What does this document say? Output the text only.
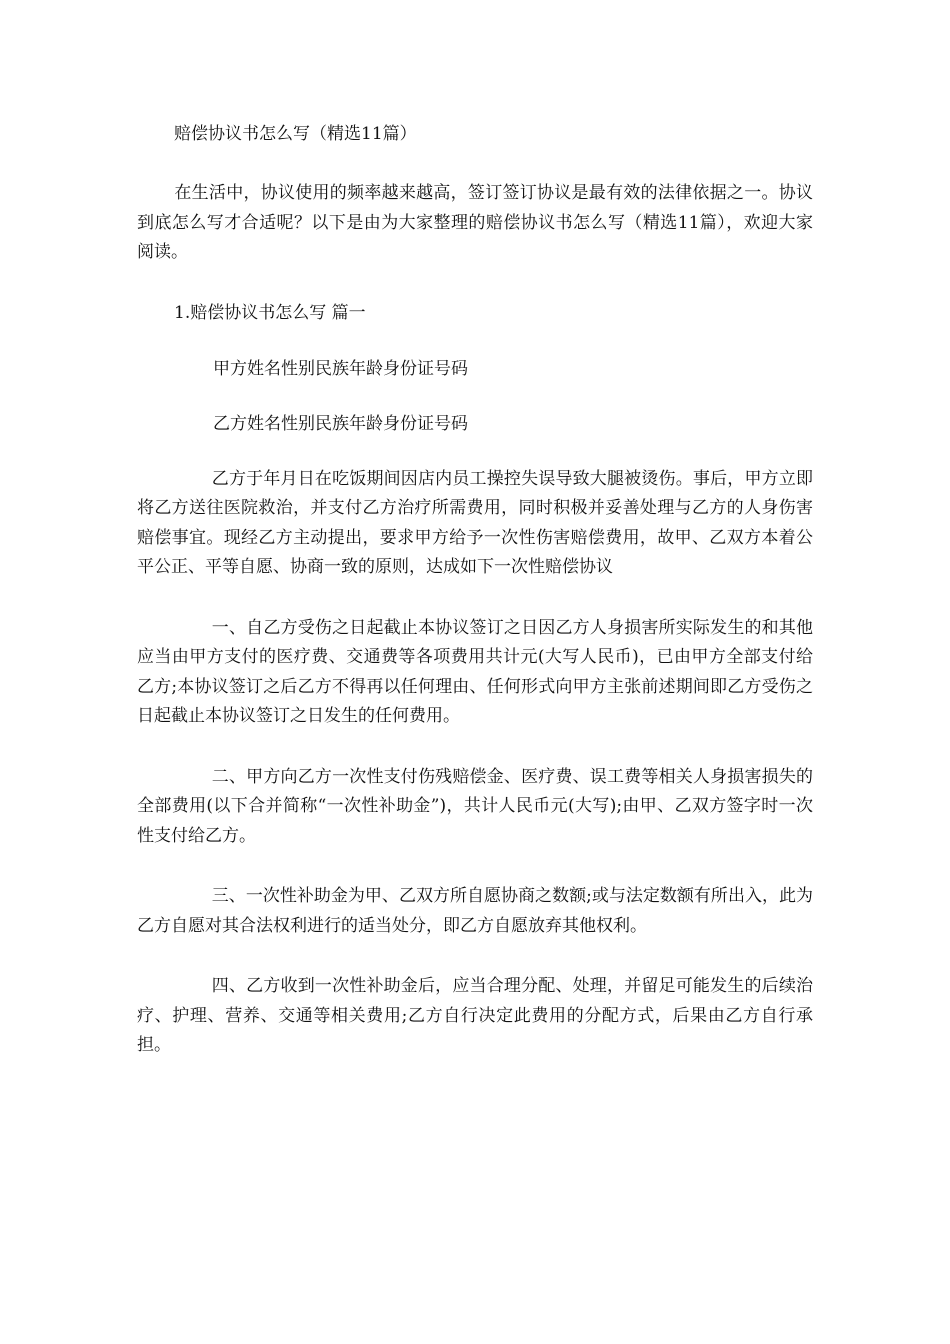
赔偿协议书怎么写（精选11篇）

在生活中，协议使用的频率越来越高，签订签订协议是最有效的法律依据之一。协议到底怎么写才合适呢？以下是由为大家整理的赔偿协议书怎么写（精选11篇），欢迎大家阅读。

1.赔偿协议书怎么写 篇一
甲方姓名性别民族年龄身份证号码
乙方姓名性别民族年龄身份证号码

乙方于年月日在吃饭期间因店内员工操控失误导致大腿被烫伤。事后，甲方立即将乙方送往医院救治，并支付乙方治疗所需费用，同时积极并妥善处理与乙方的人身伤害赔偿事宜。现经乙方主动提出，要求甲方给予一次性伤害赔偿费用，故甲、乙双方本着公平公正、平等自愿、协商一致的原则，达成如下一次性赔偿协议

一、自乙方受伤之日起截止本协议签订之日因乙方人身损害所实际发生的和其他应当由甲方支付的医疗费、交通费等各项费用共计元(大写人民币)，已由甲方全部支付给乙方;本协议签订之后乙方不得再以任何理由、任何形式向甲方主张前述期间即乙方受伤之日起截止本协议签订之日发生的任何费用。

二、甲方向乙方一次性支付伤残赔偿金、医疗费、误工费等相关人身损害损失的全部费用(以下合并简称“一次性补助金”)，共计人民币元(大写);由甲、乙双方签字时一次性支付给乙方。

三、一次性补助金为甲、乙双方所自愿协商之数额;或与法定数额有所出入，此为乙方自愿对其合法权利进行的适当处分，即乙方自愿放弃其他权利。

四、乙方收到一次性补助金后，应当合理分配、处理，并留足可能发生的后续治疗、护理、营养、交通等相关费用;乙方自行决定此费用的分配方式，后果由乙方自行承担。
